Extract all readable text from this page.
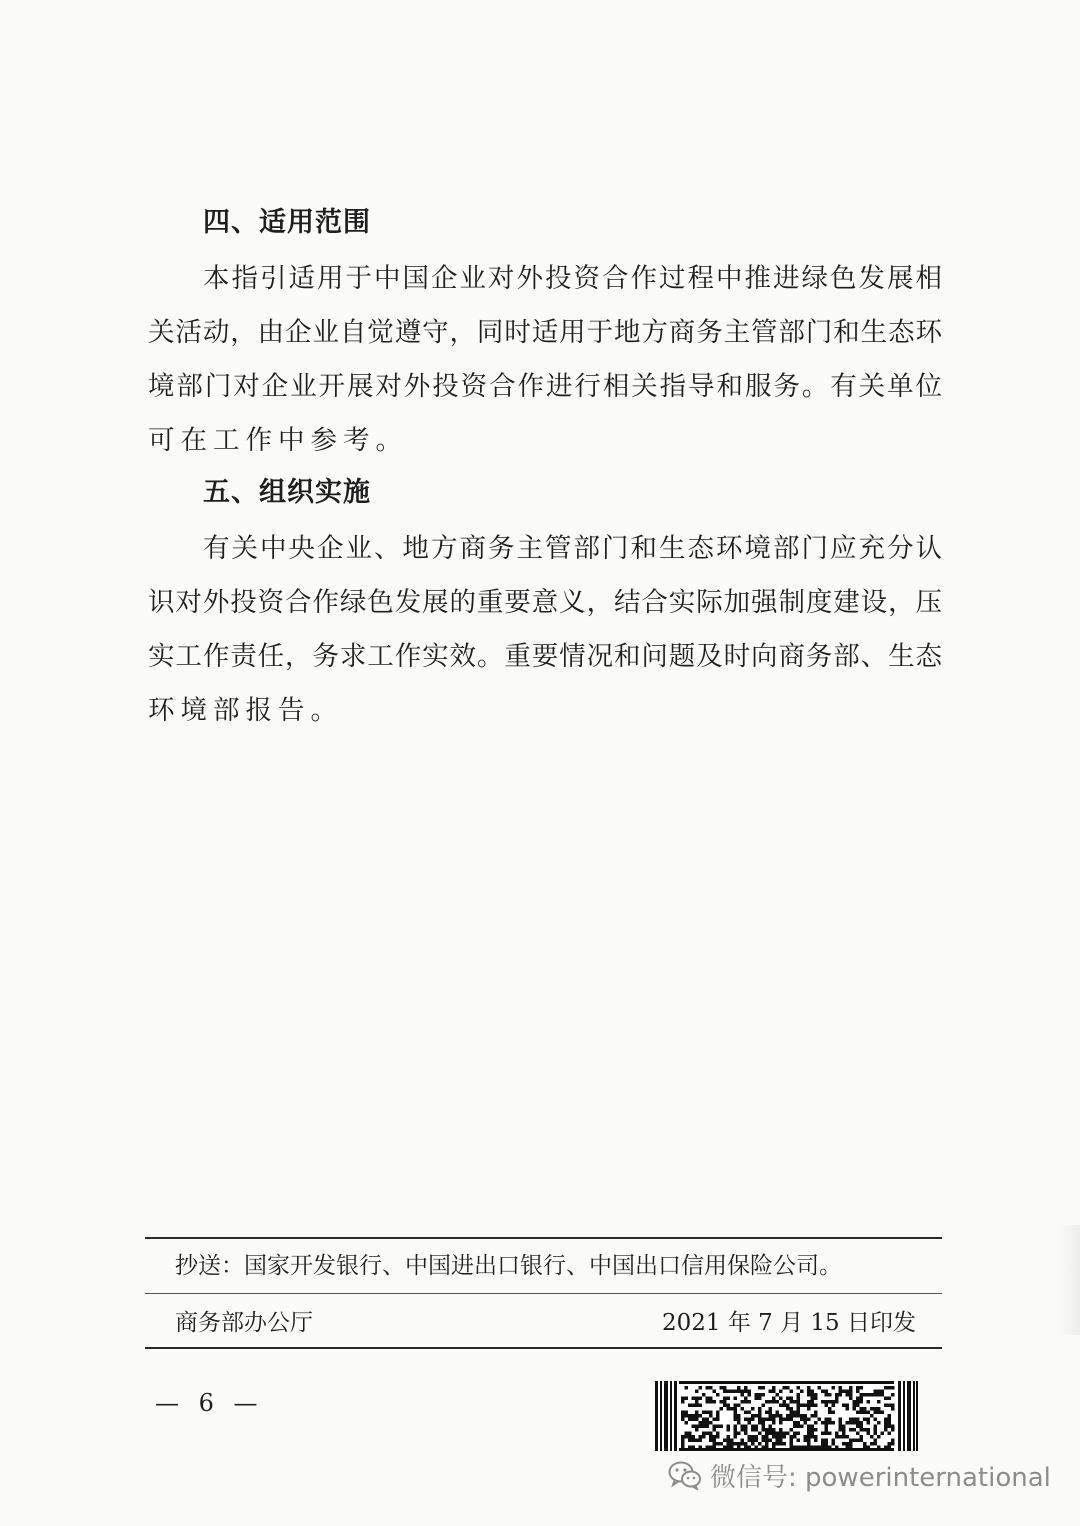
四、适用范围
本指引适用于中国企业对外投资合作过程中推进绿色发展相
关活动，由企业自觉遵守，同时适用于地方商务主管部门和生态环
境部门对企业开展对外投资合作进行相关指导和服务。有关单位
可在工作中参考。
五、组织实施
有关中央企业、地方商务主管部门和生态环境部门应充分认
识对外投资合作绿色发展的重要意义，结合实际加强制度建设，压
实工作责任，务求工作实效。重要情况和问题及时向商务部、生态
环境部报告。
抄送：国家开发银行、中国进出口银行、中国出口信用保险公司。
商务部办公厅	2021 年 7 月 15 日印发
— 6 —
微信号: powerinternational
